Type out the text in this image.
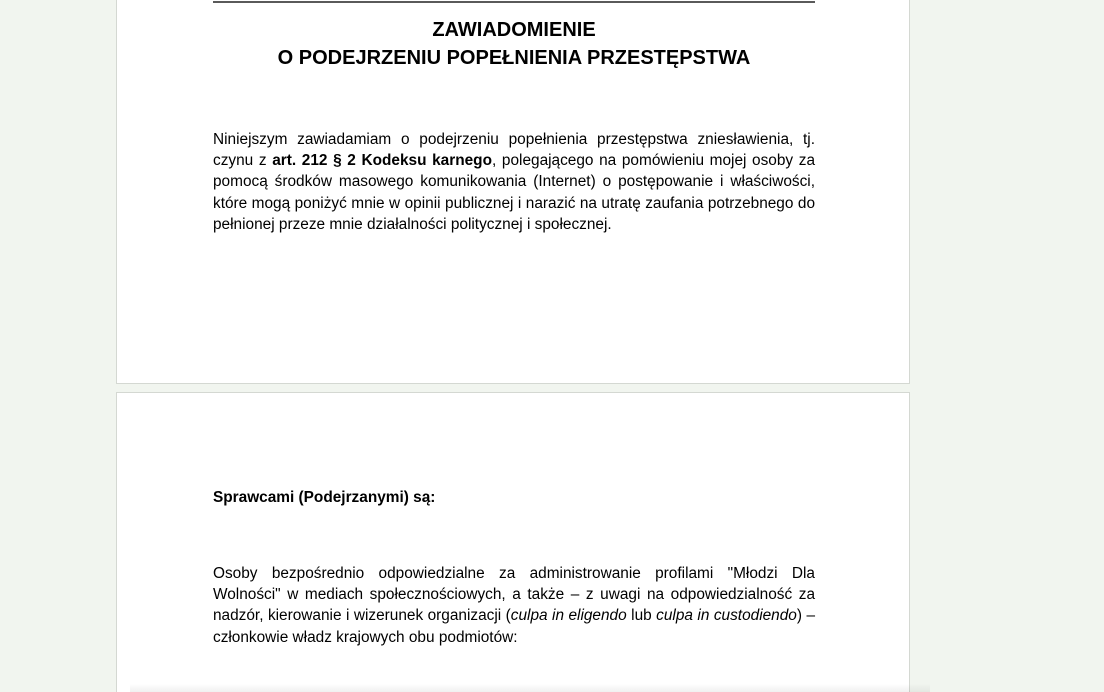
ZAWIADOMIENIE

O PODEJRZENIU POPEŁNIENIA PRZESTĘPSTWA

Niniejszym zawiadamiam o podejrzeniu popełnienia przestępstwa zniesławienia, tj. czynu z art. 212 § 2 Kodeksu karnego, polegającego na pomówieniu mojej osoby za pomocą środków masowego komunikowania (Internet) o postępowanie i właściwości, które mogą poniżyć mnie w opinii publicznej i narazić na utratę zaufania potrzebnego do pełnionej przeze mnie działalności politycznej i społecznej.

Sprawcami (Podejrzanymi) są:

Osoby bezpośrednio odpowiedzialne za administrowanie profilami "Młodzi Dla Wolności" w mediach społecznościowych, a także – z uwagi na odpowiedzialność za nadzór, kierowanie i wizerunek organizacji (culpa in eligendo lub culpa in custodiendo) – członkowie władz krajowych obu podmiotów:
